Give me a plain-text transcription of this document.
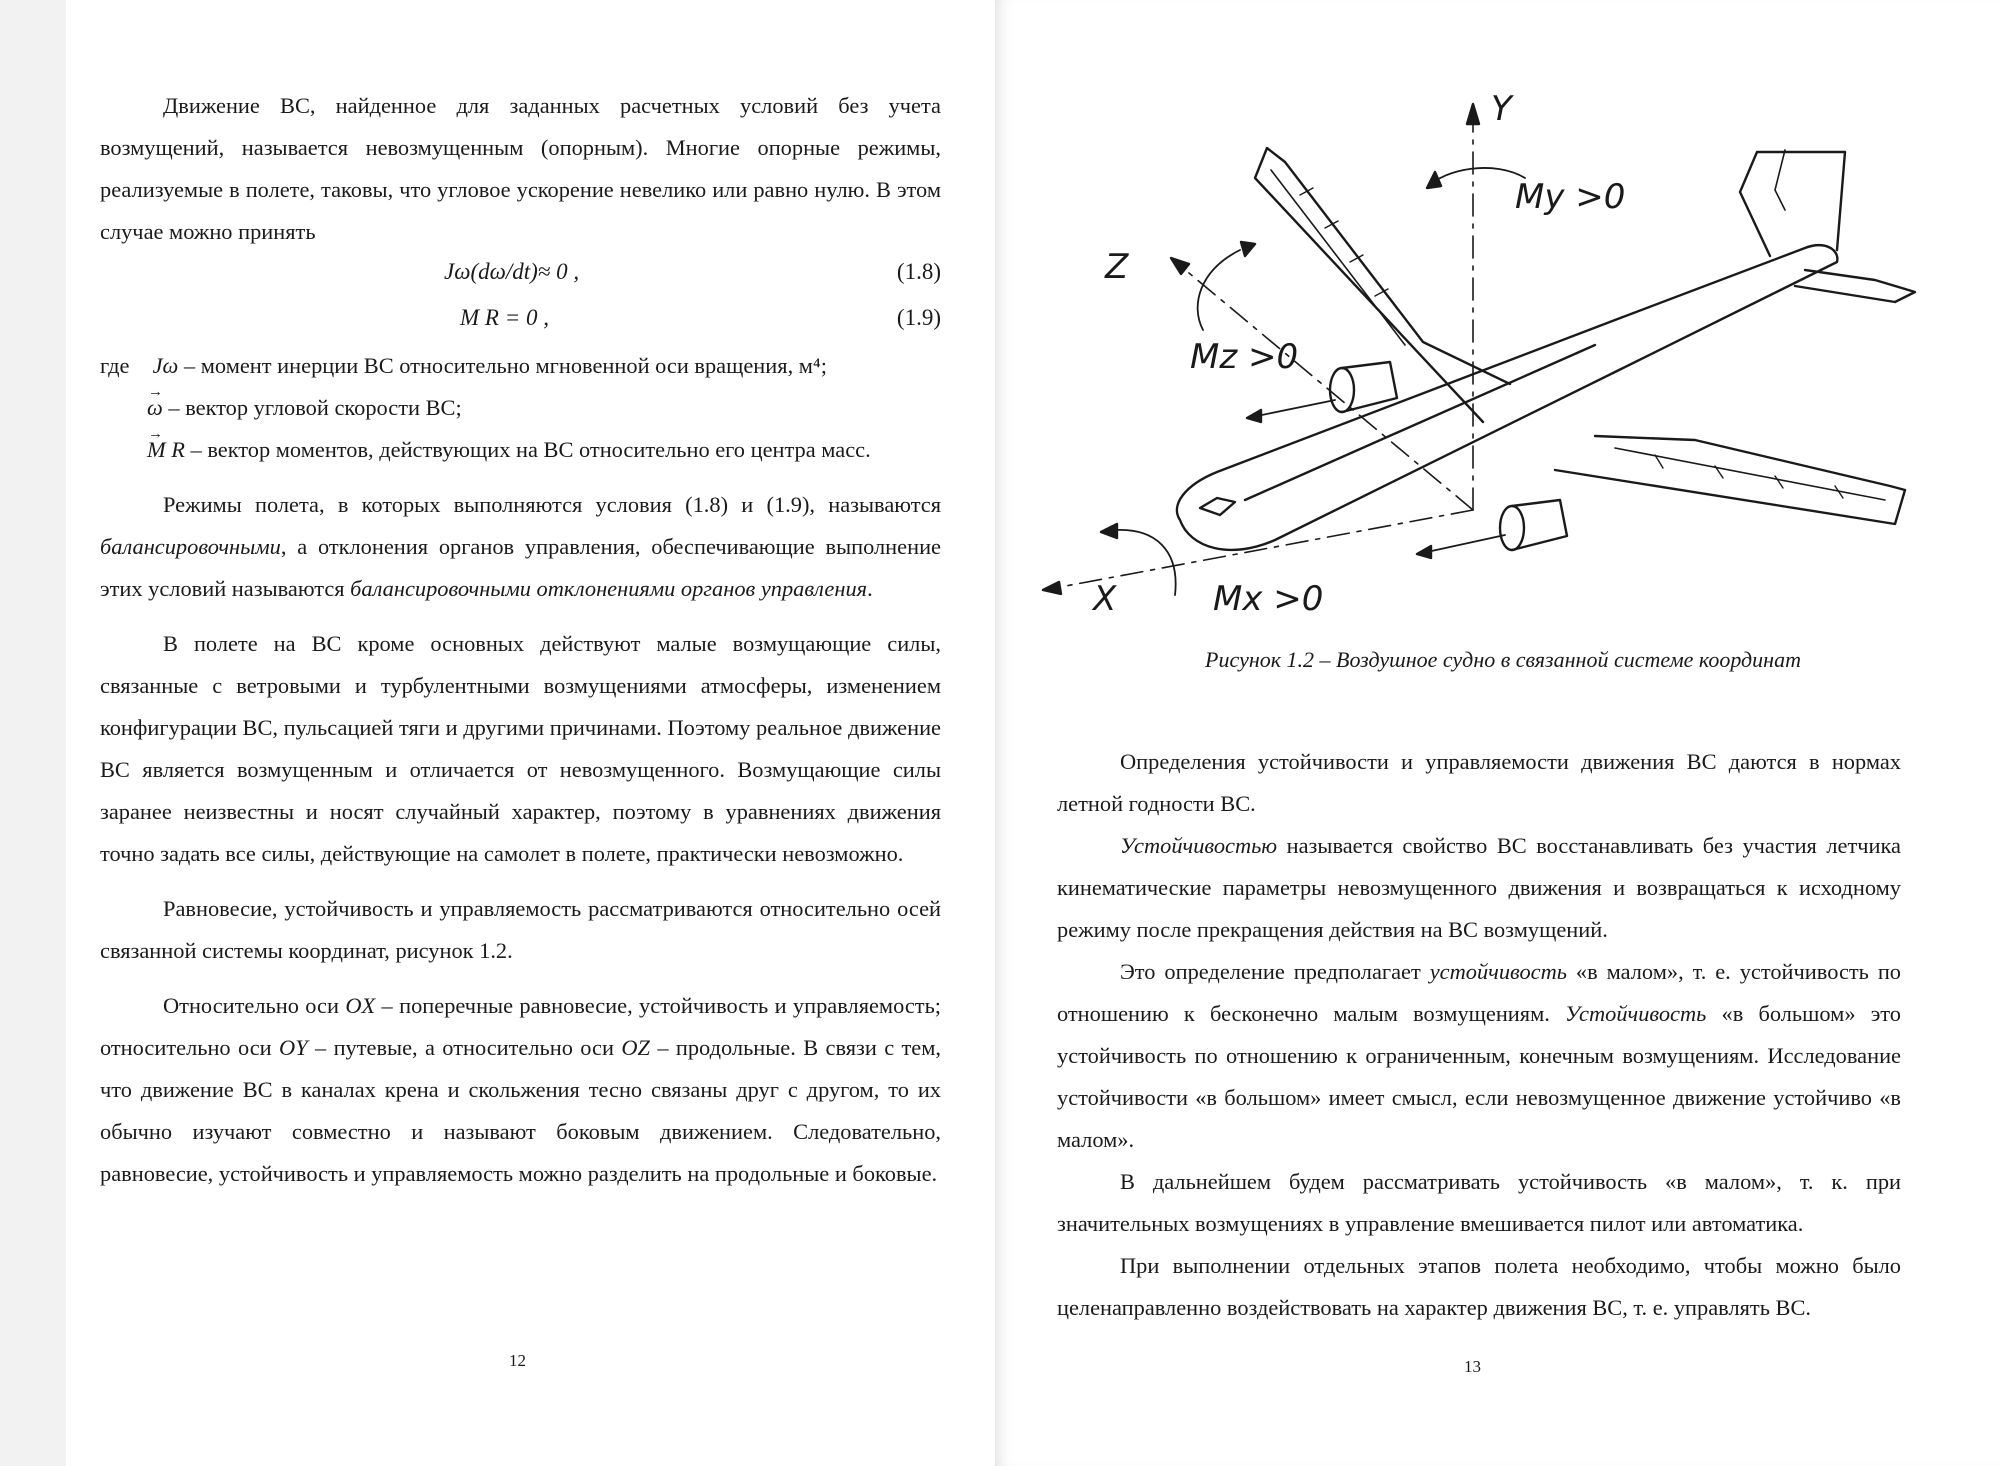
Движение ВС, найденное для заданных расчетных условий без учета возмущений, называется невозмущенным (опорным). Многие опорные режимы, реализуемые в полете, таковы, что угловое ускорение невелико или равно нулю. В этом случае можно принять

Jω(dω/dt)≈ 0 ,	(1.8)
M R = 0 ,	(1.9)
где Jω – момент инерции ВС относительно мгновенной оси вращения, м⁴;
→ ω – вектор угловой скорости ВС;
→ M R – вектор моментов, действующих на ВС относительно его центра масс.

Режимы полета, в которых выполняются условия (1.8) и (1.9), называются балансировочными, а отклонения органов управления, обеспечивающие выполнение этих условий называются балансировочными отклонениями органов управления.

В полете на ВС кроме основных действуют малые возмущающие силы, связанные с ветровыми и турбулентными возмущениями атмосферы, изменением конфигурации ВС, пульсацией тяги и другими причинами. Поэтому реальное движение ВС является возмущенным и отличается от невозмущенного. Возмущающие силы заранее неизвестны и носят случайный характер, поэтому в уравнениях движения точно задать все силы, действующие на самолет в полете, практически невозможно.

Равновесие, устойчивость и управляемость рассматриваются относительно осей связанной системы координат, рисунок 1.2.

Относительно оси OX – поперечные равновесие, устойчивость и управляемость; относительно оси OY – путевые, а относительно оси OZ – продольные. В связи с тем, что движение ВС в каналах крена и скольжения тесно связаны друг с другом, то их обычно изучают совместно и называют боковым движением. Следовательно, равновесие, устойчивость и управляемость можно разделить на продольные и боковые.

12
Y
Z
X
My >0
Mz >0
Mx >0
Рисунок 1.2 – Воздушное судно в связанной системе координат

Определения устойчивости и управляемости движения ВС даются в нормах летной годности ВС.

Устойчивостью называется свойство ВС восстанавливать без участия летчика кинематические параметры невозмущенного движения и возвращаться к исходному режиму после прекращения действия на ВС возмущений.

Это определение предполагает устойчивость «в малом», т. е. устойчивость по отношению к бесконечно малым возмущениям. Устойчивость «в большом» это устойчивость по отношению к ограниченным, конечным возмущениям. Исследование устойчивости «в большом» имеет смысл, если невозмущенное движение устойчиво «в малом».

В дальнейшем будем рассматривать устойчивость «в малом», т. к. при значительных возмущениях в управление вмешивается пилот или автоматика.

При выполнении отдельных этапов полета необходимо, чтобы можно было целенаправленно воздействовать на характер движения ВС, т. е. управлять ВС.

13
